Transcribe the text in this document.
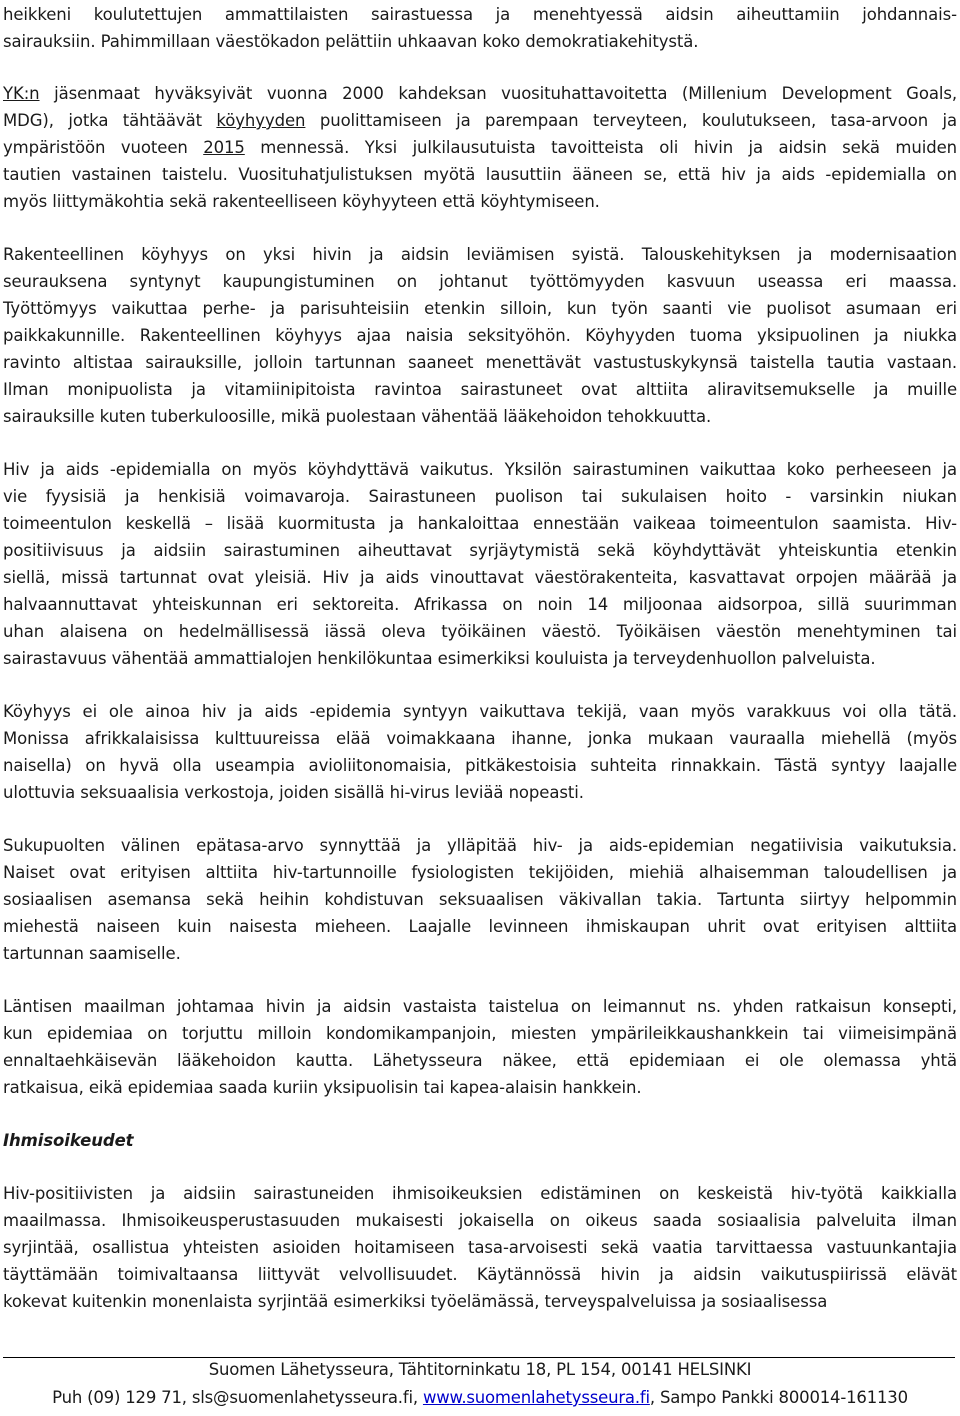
heikkeni koulutettujen ammattilaisten sairastuessa ja menehtyessä aidsin aiheuttamiin johdannais-
sairauksiin. Pahimmillaan väestökadon pelättiin uhkaavan koko demokratiakehitystä.
YK:n jäsenmaat hyväksyivät vuonna 2000 kahdeksan vuosituhattavoitetta (Millenium Development Goals,
MDG), jotka tähtäävät köyhyyden puolittamiseen ja parempaan terveyteen, koulutukseen, tasa-arvoon ja
ympäristöön vuoteen 2015 mennessä. Yksi julkilausutuista tavoitteista oli hivin ja aidsin sekä muiden
tautien vastainen taistelu. Vuosituhatjulistuksen myötä lausuttiin ääneen se, että hiv ja aids -epidemialla on
myös liittymäkohtia sekä rakenteelliseen köyhyyteen että köyhtymiseen.
Rakenteellinen köyhyys on yksi hivin ja aidsin leviämisen syistä. Talouskehityksen ja modernisaation
seurauksena syntynyt kaupungistuminen on johtanut työttömyyden kasvuun useassa eri maassa.
Työttömyys vaikuttaa perhe- ja parisuhteisiin etenkin silloin, kun työn saanti vie puolisot asumaan eri
paikkakunnille. Rakenteellinen köyhyys ajaa naisia seksityöhön. Köyhyyden tuoma yksipuolinen ja niukka
ravinto altistaa sairauksille, jolloin tartunnan saaneet menettävät vastustuskykynsä taistella tautia vastaan.
Ilman monipuolista ja vitamiinipitoista ravintoa sairastuneet ovat alttiita aliravitsemukselle ja muille
sairauksille kuten tuberkuloosille, mikä puolestaan vähentää lääkehoidon tehokkuutta.
Hiv ja aids -epidemialla on myös köyhdyttävä vaikutus. Yksilön sairastuminen vaikuttaa koko perheeseen ja
vie fyysisiä ja henkisiä voimavaroja. Sairastuneen puolison tai sukulaisen hoito - varsinkin niukan
toimeentulon keskellä – lisää kuormitusta ja hankaloittaa ennestään vaikeaa toimeentulon saamista. Hiv-
positiivisuus ja aidsiin sairastuminen aiheuttavat syrjäytymistä sekä köyhdyttävät yhteiskuntia etenkin
siellä, missä tartunnat ovat yleisiä. Hiv ja aids vinouttavat väestörakenteita, kasvattavat orpojen määrää ja
halvaannuttavat yhteiskunnan eri sektoreita. Afrikassa on noin 14 miljoonaa aidsorpoa, sillä suurimman
uhan alaisena on hedelmällisessä iässä oleva työikäinen väestö. Työikäisen väestön menehtyminen tai
sairastavuus vähentää ammattialojen henkilökuntaa esimerkiksi kouluista ja terveydenhuollon palveluista.
Köyhyys ei ole ainoa hiv ja aids -epidemia syntyyn vaikuttava tekijä, vaan myös varakkuus voi olla tätä.
Monissa afrikkalaisissa kulttuureissa elää voimakkaana ihanne, jonka mukaan vauraalla miehellä (myös
naisella) on hyvä olla useampia avioliitonomaisia, pitkäkestoisia suhteita rinnakkain. Tästä syntyy laajalle
ulottuvia seksuaalisia verkostoja, joiden sisällä hi-virus leviää nopeasti.
Sukupuolten välinen epätasa-arvo synnyttää ja ylläpitää hiv- ja aids-epidemian negatiivisia vaikutuksia.
Naiset ovat erityisen alttiita hiv-tartunnoille fysiologisten tekijöiden, miehiä alhaisemman taloudellisen ja
sosiaalisen asemansa sekä heihin kohdistuvan seksuaalisen väkivallan takia. Tartunta siirtyy helpommin
miehestä naiseen kuin naisesta mieheen. Laajalle levinneen ihmiskaupan uhrit ovat erityisen alttiita
tartunnan saamiselle.
Läntisen maailman johtamaa hivin ja aidsin vastaista taistelua on leimannut ns. yhden ratkaisun konsepti,
kun epidemiaa on torjuttu milloin kondomikampanjoin, miesten ympärileikkaushankkein tai viimeisimpänä
ennaltaehkäisevän lääkehoidon kautta. Lähetysseura näkee, että epidemiaan ei ole olemassa yhtä
ratkaisua, eikä epidemiaa saada kuriin yksipuolisin tai kapea-alaisin hankkein.
Ihmisoikeudet
Hiv-positiivisten ja aidsiin sairastuneiden ihmisoikeuksien edistäminen on keskeistä hiv-työtä kaikkialla
maailmassa. Ihmisoikeusperustasuuden mukaisesti jokaisella on oikeus saada sosiaalisia palveluita ilman
syrjintää, osallistua yhteisten asioiden hoitamiseen tasa-arvoisesti sekä vaatia tarvittaessa vastuunkantajia
täyttämään toimivaltaansa liittyvät velvollisuudet. Käytännössä hivin ja aidsin vaikutuspiirissä elävät
kokevat kuitenkin monenlaista syrjintää esimerkiksi työelämässä, terveyspalveluissa ja sosiaalisessa
Suomen Lähetysseura, Tähtitorninkatu 18, PL 154, 00141 HELSINKI
Puh (09) 129 71, sls@suomenlahetysseura.fi, www.suomenlahetysseura.fi, Sampo Pankki 800014-161130
